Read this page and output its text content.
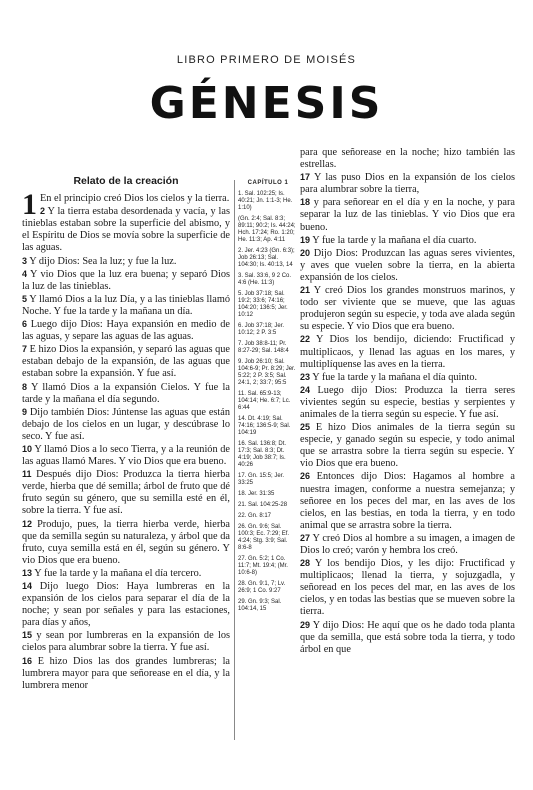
LIBRO PRIMERO DE MOISÉS
GÉNESIS
Relato de la creación

1 En el principio creó Dios los cielos y la tierra.

2 Y la tierra estaba desordenada y vacía, y las tinieblas estaban sobre la superficie del abismo, y el Espíritu de Dios se movía sobre la superficie de las aguas.

3 Y dijo Dios: Sea la luz; y fue la luz.

4 Y vio Dios que la luz era buena; y separó Dios la luz de las tinieblas.

5 Y llamó Dios a la luz Día, y a las tinieblas llamó Noche. Y fue la tarde y la mañana un día.

6 Luego dijo Dios: Haya expansión en medio de las aguas, y separe las aguas de las aguas.

7 E hizo Dios la expansión, y separó las aguas que estaban debajo de la expansión, de las aguas que estaban sobre la expansión. Y fue así.

8 Y llamó Dios a la expansión Cielos. Y fue la tarde y la mañana el día segundo.

9 Dijo también Dios: Júntense las aguas que están debajo de los cielos en un lugar, y descúbrase lo seco. Y fue así.

10 Y llamó Dios a lo seco Tierra, y a la reunión de las aguas llamó Mares. Y vio Dios que era bueno.

11 Después dijo Dios: Produzca la tierra hierba verde, hierba que dé semilla; árbol de fruto que dé fruto según su género, que su semilla esté en él, sobre la tierra. Y fue así.

12 Produjo, pues, la tierra hierba verde, hierba que da semilla según su naturaleza, y árbol que da fruto, cuya semilla está en él, según su género. Y vio Dios que era bueno.

13 Y fue la tarde y la mañana el día tercero.

14 Dijo luego Dios: Haya lumbreras en la expansión de los cielos para separar el día de la noche; y sean por señales y para las estaciones, para días y años,

15 y sean por lumbreras en la expansión de los cielos para alumbrar sobre la tierra. Y fue así.

16 E hizo Dios las dos grandes lumbreras; la lumbrera mayor para que señorease en el día, y la lumbrera menor

CAPÍTULO 1
1. Sal. 102:25; Is. 40:21; Jn. 1:1-3; He. 1:10)
(Gn. 2:4; Sal. 8:3; 89:11; 90:2; Is. 44:24; Hch. 17:24; Ro. 1:20; He. 11:3; Ap. 4:11
2. Jer. 4:23 (Gn. 6:3); Job 26:13; Sal. 104:30; Is. 40:13, 14
3. Sal. 33:6, 9 2 Co. 4:6 (He. 11:3)
5. Job 37:18; Sal. 19:2; 33:6; 74:16; 104:20; 136:5; Jer. 10:12
6. Job 37:18; Jer. 10:12; 2 P. 3:5
7. Job 38:8-11; Pr. 8:27-29; Sal. 148:4
9. Job 26:10; Sal. 104:6-9; Pr. 8:29; Jer. 5:22; 2 P. 3:5; Sal. 24:1, 2; 33:7; 95:5
11. Sal. 65:9-13; 104:14; He. 6:7; Lc. 6:44
14. Dt. 4:19; Sal. 74:16; 136:5-9; Sal. 104:19
16. Sal. 136:8; Dt. 17:3; Sal. 8:3; Dt. 4:19; Job 38:7; Is. 40:26
17. Gn. 15:5; Jer. 33:25
18. Jer. 31:35
21. Sal. 104:25-28
22. Gn. 8:17
26. Gn. 9:6; Sal. 100:3; Ec. 7:29; Ef. 4:24; Stg. 3:9; Sal. 8:6-8
27. Gn. 5:2; 1 Co. 11:7; Mt. 19:4; (Mr. 10:6-8)
28. Gn. 9:1, 7; Lv. 26:9; 1 Co. 9:27
29. Gn. 9:3; Sal. 104:14, 15

para que señorease en la noche; hizo también las estrellas.

17 Y las puso Dios en la expansión de los cielos para alumbrar sobre la tierra,

18 y para señorear en el día y en la noche, y para separar la luz de las tinieblas. Y vio Dios que era bueno.

19 Y fue la tarde y la mañana el día cuarto.

20 Dijo Dios: Produzcan las aguas seres vivientes, y aves que vuelen sobre la tierra, en la abierta expansión de los cielos.

21 Y creó Dios los grandes monstruos marinos, y todo ser viviente que se mueve, que las aguas produjeron según su especie, y toda ave alada según su especie. Y vio Dios que era bueno.

22 Y Dios los bendijo, diciendo: Fructificad y multiplicaos, y llenad las aguas en los mares, y multiplíquense las aves en la tierra.

23 Y fue la tarde y la mañana el día quinto.

24 Luego dijo Dios: Produzca la tierra seres vivientes según su especie, bestias y serpientes y animales de la tierra según su especie. Y fue así.

25 E hizo Dios animales de la tierra según su especie, y ganado según su especie, y todo animal que se arrastra sobre la tierra según su especie. Y vio Dios que era bueno.

26 Entonces dijo Dios: Hagamos al hombre a nuestra imagen, conforme a nuestra semejanza; y señoree en los peces del mar, en las aves de los cielos, en las bestias, en toda la tierra, y en todo animal que se arrastra sobre la tierra.

27 Y creó Dios al hombre a su imagen, a imagen de Dios lo creó; varón y hembra los creó.

28 Y los bendijo Dios, y les dijo: Fructificad y multiplicaos; llenad la tierra, y sojuzgadla, y señoread en los peces del mar, en las aves de los cielos, y en todas las bestias que se mueven sobre la tierra.

29 Y dijo Dios: He aquí que os he dado toda planta que da semilla, que está sobre toda la tierra, y todo árbol en que
